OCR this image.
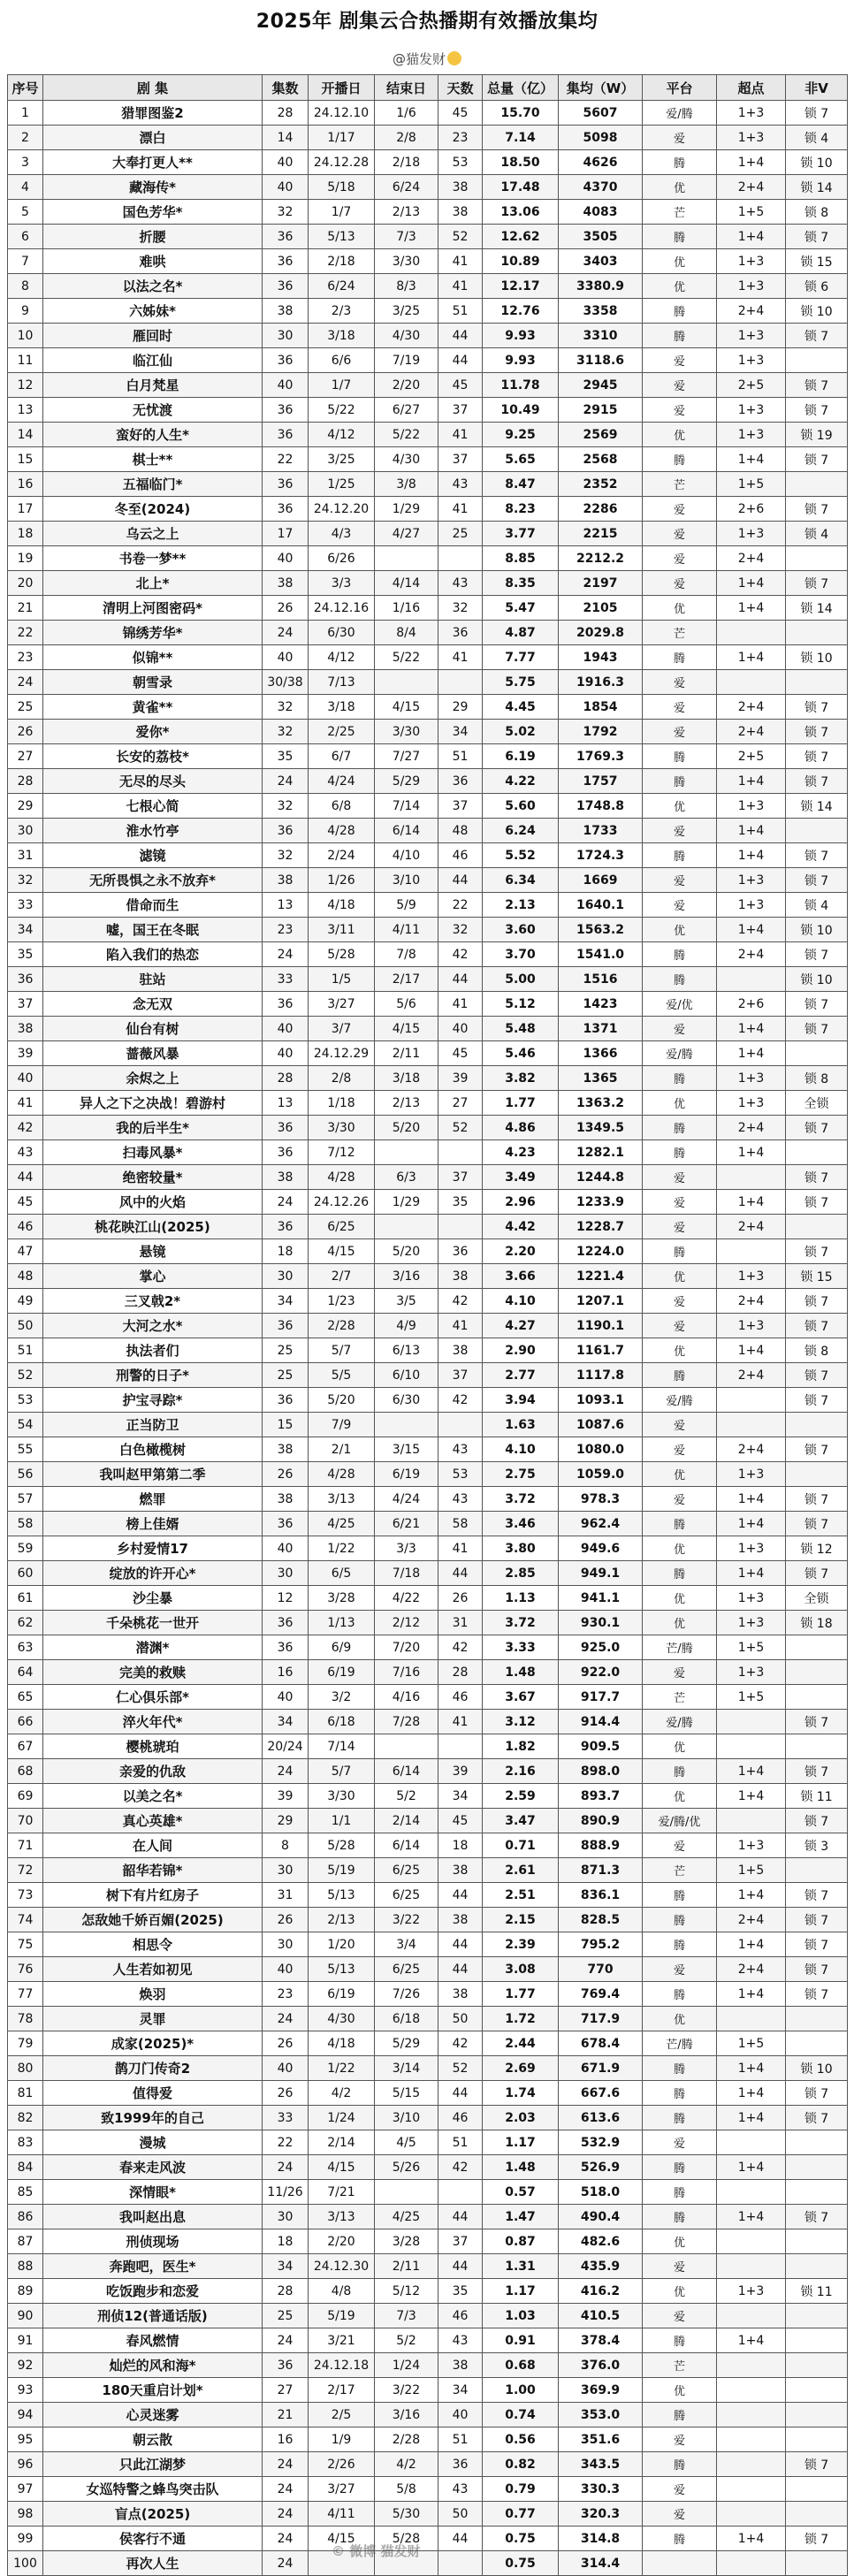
2025年 剧集云合热播期有效播放集均
@猫发财
序号	剧 集	集数	开播日	结束日	天数	总量（亿）	集均（W）	平台	超点	非V
1	猎罪图鉴2	28	24.12.10	1/6	45	15.70	5607	爱/腾	1+3	锁 7
2	漂白	14	1/17	2/8	23	7.14	5098	爱	1+3	锁 4
3	大奉打更人**	40	24.12.28	2/18	53	18.50	4626	腾	1+4	锁 10
4	藏海传*	40	5/18	6/24	38	17.48	4370	优	2+4	锁 14
5	国色芳华*	32	1/7	2/13	38	13.06	4083	芒	1+5	锁 8
6	折腰	36	5/13	7/3	52	12.62	3505	腾	1+4	锁 7
7	难哄	36	2/18	3/30	41	10.89	3403	优	1+3	锁 15
8	以法之名*	36	6/24	8/3	41	12.17	3380.9	优	1+3	锁 6
9	六姊妹*	38	2/3	3/25	51	12.76	3358	腾	2+4	锁 10
10	雁回时	30	3/18	4/30	44	9.93	3310	腾	1+3	锁 7
11	临江仙	36	6/6	7/19	44	9.93	3118.6	爱	1+3	
12	白月梵星	40	1/7	2/20	45	11.78	2945	爱	2+5	锁 7
13	无忧渡	36	5/22	6/27	37	10.49	2915	爱	1+3	锁 7
14	蛮好的人生*	36	4/12	5/22	41	9.25	2569	优	1+3	锁 19
15	棋士**	22	3/25	4/30	37	5.65	2568	腾	1+4	锁 7
16	五福临门*	36	1/25	3/8	43	8.47	2352	芒	1+5	
17	冬至(2024)	36	24.12.20	1/29	41	8.23	2286	爱	2+6	锁 7
18	乌云之上	17	4/3	4/27	25	3.77	2215	爱	1+3	锁 4
19	书卷一梦**	40	6/26			8.85	2212.2	爱	2+4	
20	北上*	38	3/3	4/14	43	8.35	2197	爱	1+4	锁 7
21	清明上河图密码*	26	24.12.16	1/16	32	5.47	2105	优	1+4	锁 14
22	锦绣芳华*	24	6/30	8/4	36	4.87	2029.8	芒		
23	似锦**	40	4/12	5/22	41	7.77	1943	腾	1+4	锁 10
24	朝雪录	30/38	7/13			5.75	1916.3	爱		
25	黄雀**	32	3/18	4/15	29	4.45	1854	爱	2+4	锁 7
26	爱你*	32	2/25	3/30	34	5.02	1792	爱	2+4	锁 7
27	长安的荔枝*	35	6/7	7/27	51	6.19	1769.3	腾	2+5	锁 7
28	无尽的尽头	24	4/24	5/29	36	4.22	1757	腾	1+4	锁 7
29	七根心简	32	6/8	7/14	37	5.60	1748.8	优	1+3	锁 14
30	淮水竹亭	36	4/28	6/14	48	6.24	1733	爱	1+4	
31	滤镜	32	2/24	4/10	46	5.52	1724.3	腾	1+4	锁 7
32	无所畏惧之永不放弃*	38	1/26	3/10	44	6.34	1669	爱	1+3	锁 7
33	借命而生	13	4/18	5/9	22	2.13	1640.1	爱	1+3	锁 4
34	嘘，国王在冬眠	23	3/11	4/11	32	3.60	1563.2	优	1+4	锁 10
35	陷入我们的热恋	24	5/28	7/8	42	3.70	1541.0	腾	2+4	锁 7
36	驻站	33	1/5	2/17	44	5.00	1516	腾		锁 10
37	念无双	36	3/27	5/6	41	5.12	1423	爱/优	2+6	锁 7
38	仙台有树	40	3/7	4/15	40	5.48	1371	爱	1+4	锁 7
39	蔷薇风暴	40	24.12.29	2/11	45	5.46	1366	爱/腾	1+4	
40	余烬之上	28	2/8	3/18	39	3.82	1365	腾	1+3	锁 8
41	异人之下之决战！碧游村	13	1/18	2/13	27	1.77	1363.2	优	1+3	全锁
42	我的后半生*	36	3/30	5/20	52	4.86	1349.5	腾	2+4	锁 7
43	扫毒风暴*	36	7/12			4.23	1282.1	腾	1+4	
44	绝密较量*	38	4/28	6/3	37	3.49	1244.8	爱		锁 7
45	风中的火焰	24	24.12.26	1/29	35	2.96	1233.9	爱	1+4	锁 7
46	桃花映江山(2025)	36	6/25			4.42	1228.7	爱	2+4	
47	悬镜	18	4/15	5/20	36	2.20	1224.0	腾		锁 7
48	掌心	30	2/7	3/16	38	3.66	1221.4	优	1+3	锁 15
49	三叉戟2*	34	1/23	3/5	42	4.10	1207.1	爱	2+4	锁 7
50	大河之水*	36	2/28	4/9	41	4.27	1190.1	爱	1+3	锁 7
51	执法者们	25	5/7	6/13	38	2.90	1161.7	优	1+4	锁 8
52	刑警的日子*	25	5/5	6/10	37	2.77	1117.8	腾	2+4	锁 7
53	护宝寻踪*	36	5/20	6/30	42	3.94	1093.1	爱/腾		锁 7
54	正当防卫	15	7/9			1.63	1087.6	爱		
55	白色橄榄树	38	2/1	3/15	43	4.10	1080.0	爱	2+4	锁 7
56	我叫赵甲第第二季	26	4/28	6/19	53	2.75	1059.0	优	1+3	
57	燃罪	38	3/13	4/24	43	3.72	978.3	爱	1+4	锁 7
58	榜上佳婿	36	4/25	6/21	58	3.46	962.4	腾	1+4	锁 7
59	乡村爱情17	40	1/22	3/3	41	3.80	949.6	优	1+3	锁 12
60	绽放的许开心*	30	6/5	7/18	44	2.85	949.1	腾	1+4	锁 7
61	沙尘暴	12	3/28	4/22	26	1.13	941.1	优	1+3	全锁
62	千朵桃花一世开	36	1/13	2/12	31	3.72	930.1	优	1+3	锁 18
63	潜渊*	36	6/9	7/20	42	3.33	925.0	芒/腾	1+5	
64	完美的救赎	16	6/19	7/16	28	1.48	922.0	爱	1+3	
65	仁心俱乐部*	40	3/2	4/16	46	3.67	917.7	芒	1+5	
66	淬火年代*	34	6/18	7/28	41	3.12	914.4	爱/腾		锁 7
67	樱桃琥珀	20/24	7/14			1.82	909.5	优		
68	亲爱的仇敌	24	5/7	6/14	39	2.16	898.0	腾	1+4	锁 7
69	以美之名*	39	3/30	5/2	34	2.59	893.7	优	1+4	锁 11
70	真心英雄*	29	1/1	2/14	45	3.47	890.9	爱/腾/优		锁 7
71	在人间	8	5/28	6/14	18	0.71	888.9	爱	1+3	锁 3
72	韶华若锦*	30	5/19	6/25	38	2.61	871.3	芒	1+5	
73	树下有片红房子	31	5/13	6/25	44	2.51	836.1	腾	1+4	锁 7
74	怎敌她千娇百媚(2025)	26	2/13	3/22	38	2.15	828.5	腾	2+4	锁 7
75	相思令	30	1/20	3/4	44	2.39	795.2	腾	1+4	锁 7
76	人生若如初见	40	5/13	6/25	44	3.08	770	爱	2+4	锁 7
77	焕羽	23	6/19	7/26	38	1.77	769.4	腾	1+4	锁 7
78	灵罪	24	4/30	6/18	50	1.72	717.9	优		
79	成家(2025)*	26	4/18	5/29	42	2.44	678.4	芒/腾	1+5	
80	鹊刀门传奇2	40	1/22	3/14	52	2.69	671.9	腾	1+4	锁 10
81	值得爱	26	4/2	5/15	44	1.74	667.6	腾	1+4	锁 7
82	致1999年的自己	33	1/24	3/10	46	2.03	613.6	腾	1+4	锁 7
83	漫城	22	2/14	4/5	51	1.17	532.9	爱		
84	春来走风波	24	4/15	5/26	42	1.48	526.9	腾	1+4	
85	深情眼*	11/26	7/21			0.57	518.0	腾		
86	我叫赵出息	30	3/13	4/25	44	1.47	490.4	腾	1+4	锁 7
87	刑侦现场	18	2/20	3/28	37	0.87	482.6	优		
88	奔跑吧，医生*	34	24.12.30	2/11	44	1.31	435.9	爱		
89	吃饭跑步和恋爱	28	4/8	5/12	35	1.17	416.2	优	1+3	锁 11
90	刑侦12(普通话版)	25	5/19	7/3	46	1.03	410.5	爱		
91	春风燃情	24	3/21	5/2	43	0.91	378.4	腾	1+4	
92	灿烂的风和海*	36	24.12.18	1/24	38	0.68	376.0	芒		
93	180天重启计划*	27	2/17	3/22	34	1.00	369.9	优		
94	心灵迷雾	21	2/5	3/16	40	0.74	353.0	腾		
95	朝云散	16	1/9	2/28	51	0.56	351.6	爱		
96	只此江湖梦	24	2/26	4/2	36	0.82	343.5	腾		锁 7
97	女巡特警之蜂鸟突击队	24	3/27	5/8	43	0.79	330.3	爱		
98	盲点(2025)	24	4/11	5/30	50	0.77	320.3	爱		
99	侯客行不通	24	4/15	5/28	44	0.75	314.8	腾	1+4	锁 7
100	再次人生	24				0.75	314.4			
© 微博 猫发财
